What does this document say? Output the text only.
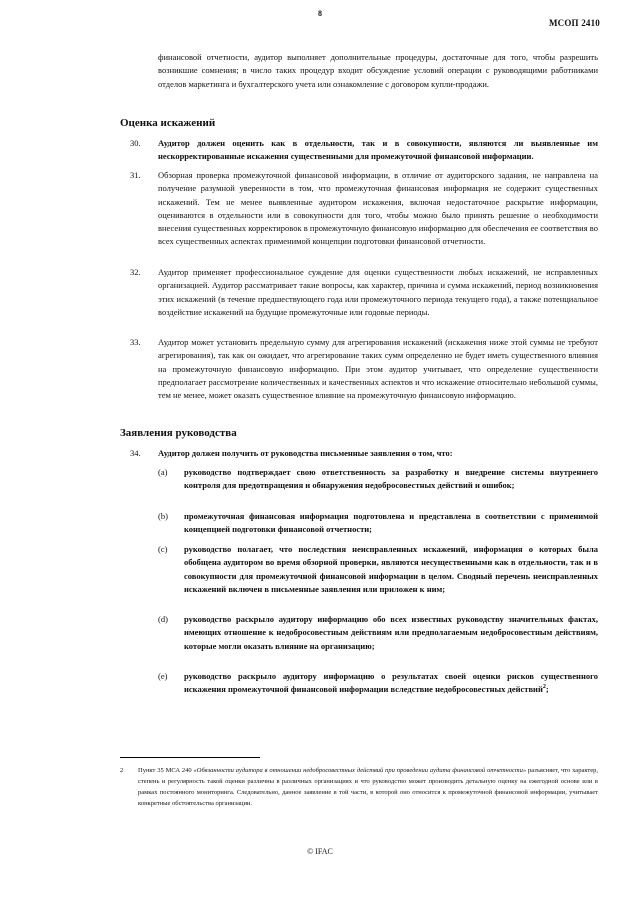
8
МСОП 2410
финансовой отчетности, аудитор выполняет дополнительные процедуры, достаточные для того, чтобы разрешить возникшие сомнения; в число таких процедур входит обсуждение условий операции с руководящими работниками отделов маркетинга и бухгалтерского учета или ознакомление с договором купли-продажи.
Оценка искажений
30. Аудитор должен оценить как в отдельности, так и в совокупности, являются ли выявленные им нескорректированные искажения существенными для промежуточной финансовой информации.
31. Обзорная проверка промежуточной финансовой информации, в отличие от аудиторского задания, не направлена на получение разумной уверенности в том, что промежуточная финансовая информация не содержит существенных искажений. Тем не менее выявленные аудитором искажения, включая недостаточное раскрытие информации, оцениваются в отдельности или в совокупности для того, чтобы можно было принять решение о необходимости внесения существенных корректировок в промежуточную финансовую информацию для обеспечения ее соответствия во всех существенных аспектах применимой концепции подготовки финансовой отчетности.
32. Аудитор применяет профессиональное суждение для оценки существенности любых искажений, не исправленных организацией. Аудитор рассматривает такие вопросы, как характер, причина и сумма искажений, период возникновения этих искажений (в течение предшествующего года или промежуточного периода текущего года), а также потенциальное воздействие искажений на будущие промежуточные или годовые периоды.
33. Аудитор может установить предельную сумму для агрегирования искажений (искажения ниже этой суммы не требуют агрегирования), так как он ожидает, что агрегирование таких сумм определенно не будет иметь существенного влияния на промежуточную финансовую информацию. При этом аудитор учитывает, что определение существенности предполагает рассмотрение количественных и качественных аспектов и что искажение относительно небольшой суммы, тем не менее, может оказать существенное влияние на промежуточную финансовую информацию.
Заявления руководства
34. Аудитор должен получить от руководства письменные заявления о том, что:
(a) руководство подтверждает свою ответственность за разработку и внедрение системы внутреннего контроля для предотвращения и обнаружения недобросовестных действий и ошибок;
(b) промежуточная финансовая информация подготовлена и представлена в соответствии с применимой концепцией подготовки финансовой отчетности;
(c) руководство полагает, что последствия неисправленных искажений, информация о которых была обобщена аудитором во время обзорной проверки, являются несущественными как в отдельности, так и в совокупности для промежуточной финансовой информации в целом. Сводный перечень неисправленных искажений включен в письменные заявления или приложен к ним;
(d) руководство раскрыло аудитору информацию обо всех известных руководству значительных фактах, имеющих отношение к недобросовестным действиям или предполагаемым недобросовестным действиям, которые могли оказать влияние на организацию;
(e) руководство раскрыло аудитору информацию о результатах своей оценки рисков существенного искажения промежуточной финансовой информации вследствие недобросовестных действий$^2$;
2 Пункт 35 МСА 240 «Обязанности аудитора в отношении недобросовестных действий при проведении аудита финансовой отчетности» разъясняет, что характер, степень и регулярность такой оценки различны в различных организациях и что руководство может производить детальную оценку на ежегодной основе или в рамках постоянного мониторинга. Следовательно, данное заявление в той части, в которой оно относится к промежуточной финансовой информации, учитывает конкретные обстоятельства организации.
© IFAC
